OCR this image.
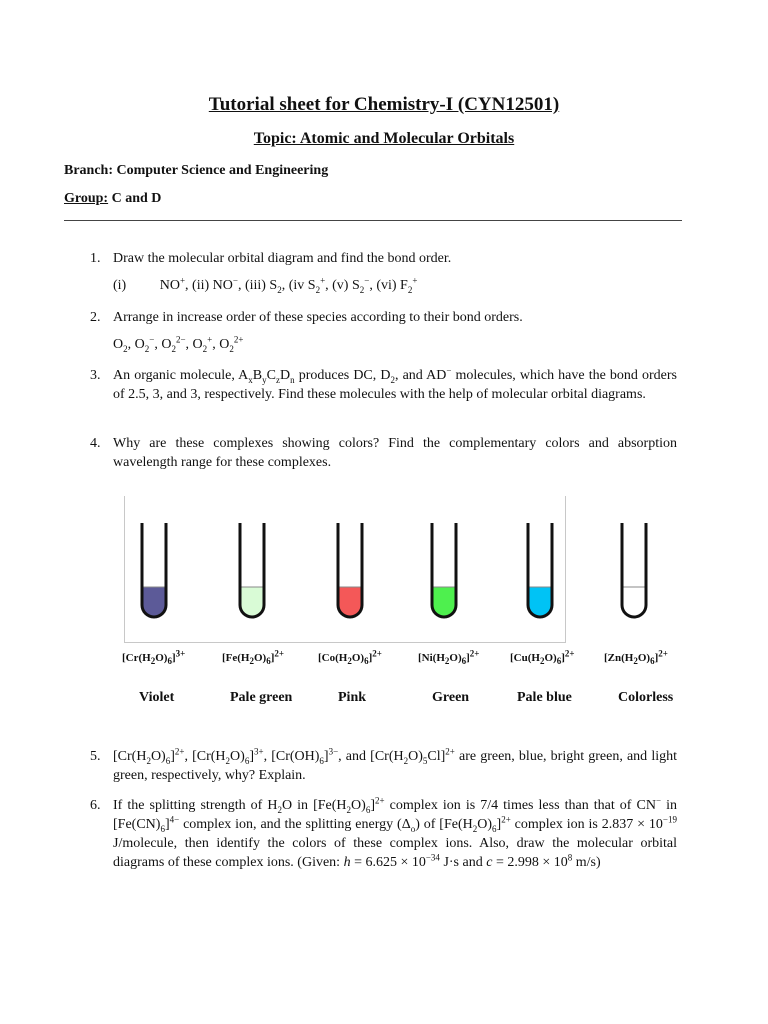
Tutorial sheet for Chemistry-I (CYN12501)
Topic: Atomic and Molecular Orbitals
Branch: Computer Science and Engineering
Group: C and D
1. Draw the molecular orbital diagram and find the bond order.
(i) NO+, (ii) NO−, (iii) $S_2$, (iv $S_2^+$, (v) $S_2^-$, (vi) $F_2^+$
2. Arrange in increase order of these species according to their bond orders.
$O_2$, $O_2^-$, $O_2^{2-}$, $O_2^+$, $O_2^{2+}$
3. An organic molecule, $A_xB_yC_zD_n$ produces DC, $D_2$, and AD− molecules, which have the bond orders of 2.5, 3, and 3, respectively. Find these molecules with the help of molecular orbital diagrams.
4. Why are these complexes showing colors? Find the complementary colors and absorption wavelength range for these complexes.
$[Cr(H_2O)_6]^{3+}$	$[Fe(H_2O)_6]^{2+}$	$[Co(H_2O)_6]^{2+}$	$[Ni(H_2O)_6]^{2+}$	$[Cu(H_2O)_6]^{2+}$	$[Zn(H_2O)_6]^{2+}$
Violet	Pale green	Pink	Green	Pale blue	Colorless
5. $[Cr(H_2O)_6]^{2+}$, $[Cr(H_2O)_6]^{3+}$, $[Cr(OH)_6]^{3-}$, and $[Cr(H_2O)_5Cl]^{2+}$ are green, blue, bright green, and light green, respectively, why? Explain.
6. If the splitting strength of $H_2O$ in $[Fe(H_2O)_6]^{2+}$ complex ion is 7/4 times less than that of CN− in $[Fe(CN)_6]^{4-}$ complex ion, and the splitting energy $(\Delta_o)$ of $[Fe(H_2O)_6]^{2+}$ complex ion is $2.837 \times 10^{-19}$ J/molecule, then identify the colors of these complex ions. Also, draw the molecular orbital diagrams of these complex ions. (Given: $h = 6.625 \times 10^{-34}$ J·s and $c = 2.998 \times 10^8$ m/s)
